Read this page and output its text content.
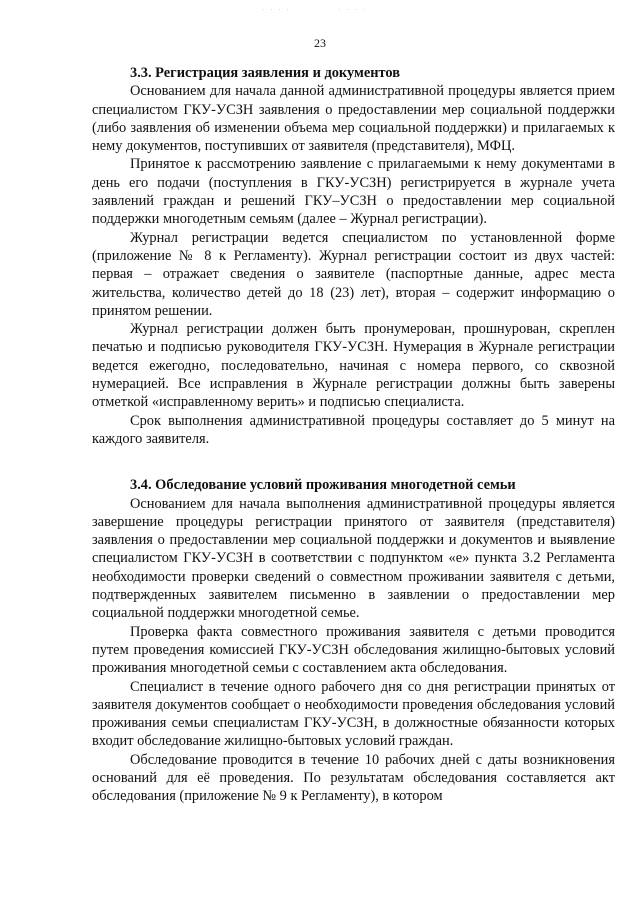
· · · ·	· · · ·
23

3.3. Регистрация заявления и документов

Основанием для начала данной административной процедуры является прием специалистом ГКУ-УСЗН заявления о предоставлении мер социальной поддержки (либо заявления об изменении объема мер социальной поддержки) и прилагаемых к нему документов, поступивших от заявителя (представителя), МФЦ.

Принятое к рассмотрению заявление с прилагаемыми к нему документами в день его подачи (поступления в ГКУ-УСЗН) регистрируется в журнале учета заявлений граждан и решений ГКУ–УСЗН о предоставлении мер социальной поддержки многодетным семьям (далее – Журнал регистрации).

Журнал регистрации ведется специалистом по установленной форме (приложение № 8 к Регламенту). Журнал регистрации состоит из двух частей: первая – отражает сведения о заявителе (паспортные данные, адрес места жительства, количество детей до 18 (23) лет), вторая – содержит информацию о принятом решении.

Журнал регистрации должен быть пронумерован, прошнурован, скреплен печатью и подписью руководителя ГКУ-УСЗН. Нумерация в Журнале регистрации ведется ежегодно, последовательно, начиная с номера первого, со сквозной нумерацией. Все исправления в Журнале регистрации должны быть заверены отметкой «исправленному верить» и подписью специалиста.

Срок выполнения административной процедуры составляет до 5 минут на каждого заявителя.

3.4. Обследование условий проживания многодетной семьи

Основанием для начала выполнения административной процедуры является завершение процедуры регистрации принятого от заявителя (представителя) заявления о предоставлении мер социальной поддержки и документов и выявление специалистом ГКУ-УСЗН в соответствии с подпунктом «е» пункта 3.2 Регламента необходимости проверки сведений о совместном проживании заявителя с детьми, подтвержденных заявителем письменно в заявлении о предоставлении мер социальной поддержки многодетной семье.

Проверка факта совместного проживания заявителя с детьми проводится путем проведения комиссией ГКУ-УСЗН обследования жилищно-бытовых условий проживания многодетной семьи с составлением акта обследования.

Специалист в течение одного рабочего дня со дня регистрации принятых от заявителя документов сообщает о необходимости проведения обследования условий проживания семьи специалистам ГКУ-УСЗН, в должностные обязанности которых входит обследование жилищно-бытовых условий граждан.

Обследование проводится в течение 10 рабочих дней с даты возникновения оснований для её проведения. По результатам обследования составляется акт обследования (приложение № 9 к Регламенту), в котором
